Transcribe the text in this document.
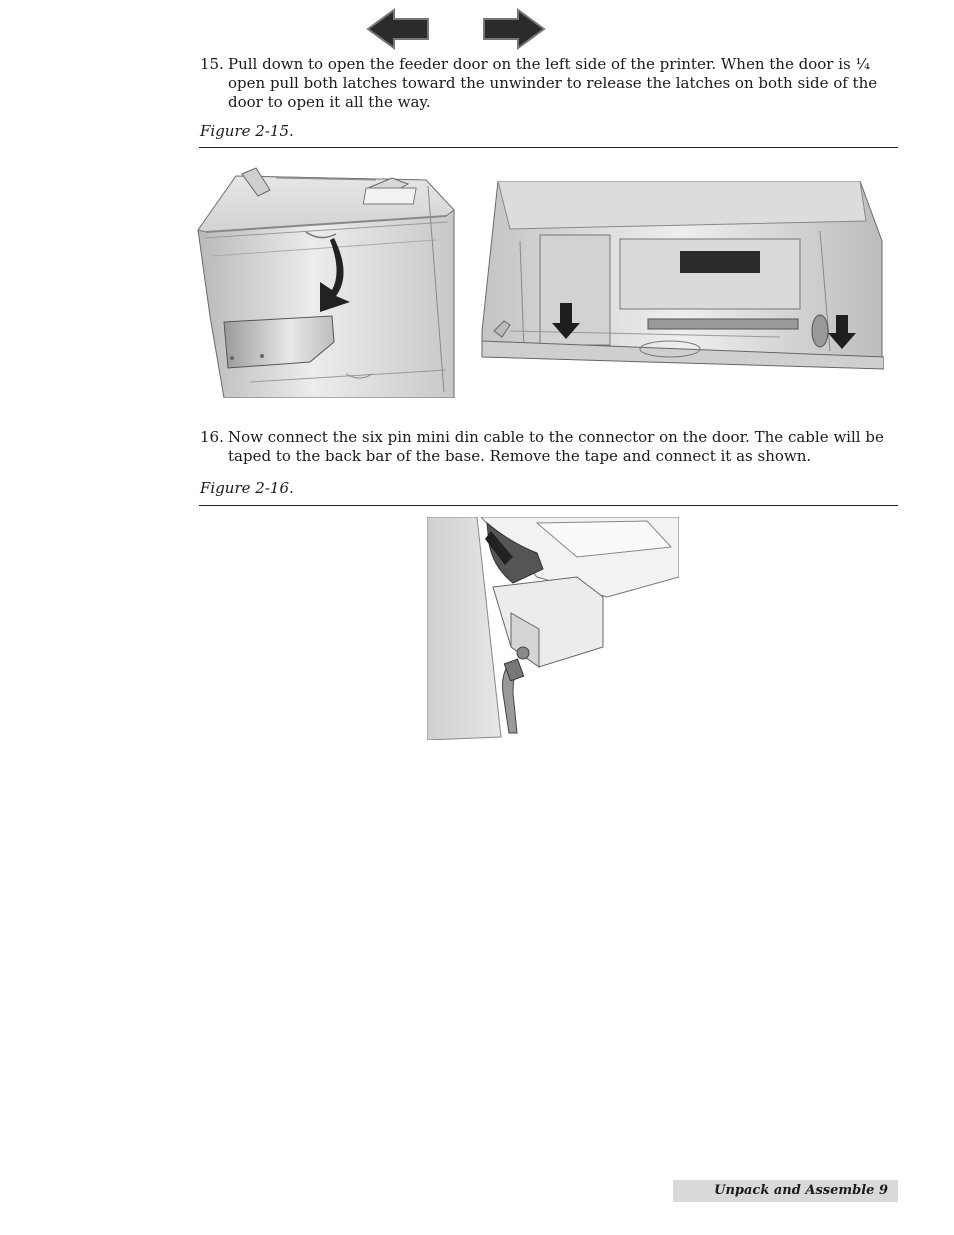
15. Pull down to open the feeder door on the left side of the printer. When the door is ¼ open pull both latches toward the unwinder to release the latches on both side of the door to open it all the way.
Figure 2-15.
16. Now connect the six pin mini din cable to the connector on the door. The cable will be taped to the back bar of the base. Remove the tape and connect it as shown.
Figure 2-16.
Unpack and Assemble 9
